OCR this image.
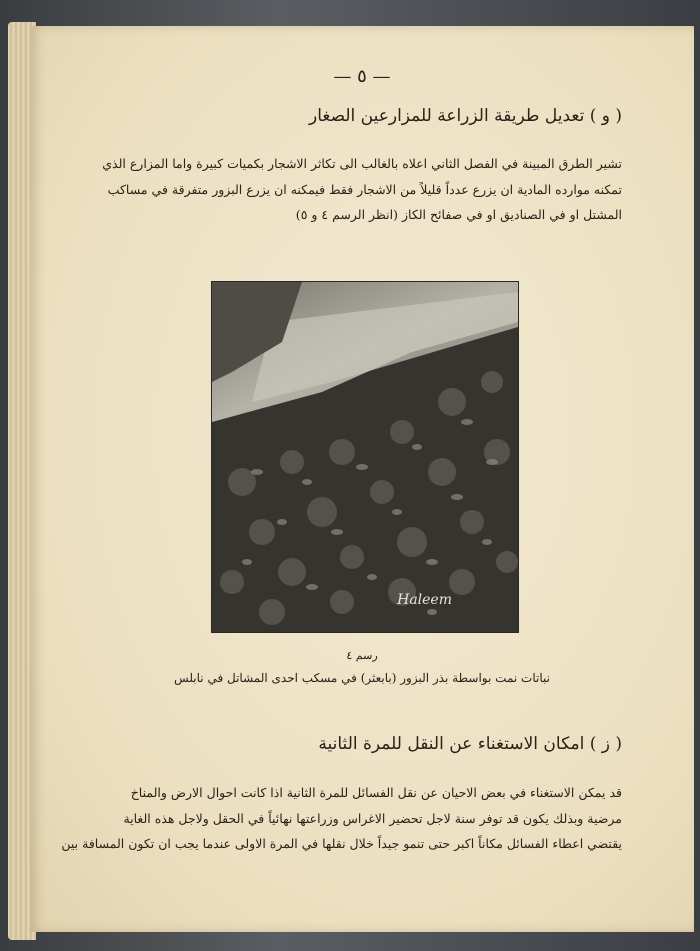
— ٥ —
( و ) تعديل طريقة الزراعة للمزارعين الصغار
تشير الطرق المبينة في الفصل الثاني اعلاه بالغالب الى تكاثر الاشجار بكميات كبيرة واما المزارع الذي
تمكنه موارده المادية ان يزرع عدداً قليلاً من الاشجار فقط فيمكنه ان يزرع البزور متفرقة في مساكب
المشتل او في الصناديق او في صفائح الكاز (انظر الرسم ٤ و ٥)
Haleem
رسم ٤
نباتات نمت بواسطة بذر البزور (بابعثر) في مسكب احدى المشاتل في نابلس
( ز ) امكان الاستغناء عن النقل للمرة الثانية
قد يمكن الاستغناء في بعض الاحيان عن نقل الفسائل للمرة الثانية اذا كانت احوال الارض والمناخ
مرضية وبذلك يكون قد توفر سنة لاجل تحضير الاغراس وزراعتها نهائياً في الحقل ولاجل هذه الغاية
يقتضي اعطاء الفسائل مكاناً اكبر حتى تنمو جيداً خلال نقلها في المرة الاولى عندما يجب ان تكون المسافة بين
